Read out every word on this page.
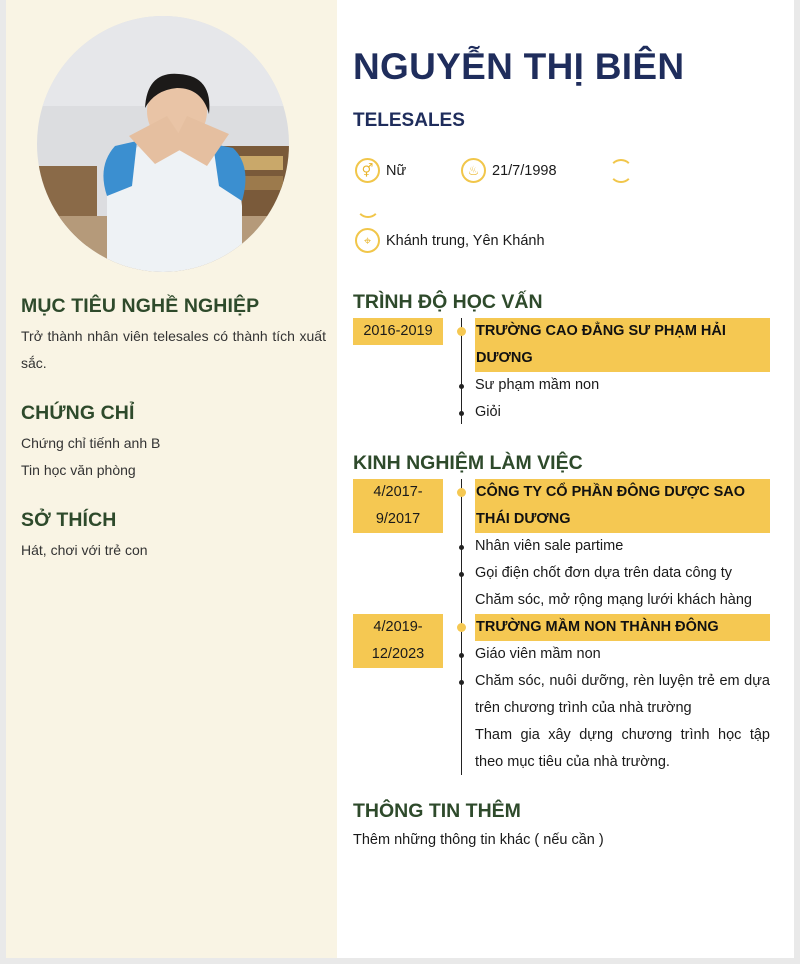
MỤC TIÊU NGHỀ NGHIỆP
Trở thành nhân viên telesales có thành tích xuất sắc.
CHỨNG CHỈ
Chứng chỉ tiếnh anh B
Tin học văn phòng
SỞ THÍCH
Hát, chơi với trẻ con
NGUYỄN THỊ BIÊN
TELESALES
⚥ Nữ	♨ 21/7/1998
⌖	Khánh trung, Yên Khánh
TRÌNH ĐỘ HỌC VẤN
2016-2019	TRƯỜNG CAO ĐẲNG SƯ PHẠM HẢI DƯƠNG
Sư phạm mầm non
Giỏi
KINH NGHIỆM LÀM VIỆC
4/2017-
9/2017
CÔNG TY CỔ PHẦN ĐÔNG DƯỢC SAO THÁI DƯƠNG
Nhân viên sale partime
Gọi điện chốt đơn dựa trên data công ty
Chăm sóc, mở rộng mạng lưới khách hàng
4/2019-
12/2023
TRƯỜNG MẦM NON THÀNH ĐÔNG
Giáo viên mầm non
Chăm sóc, nuôi dưỡng, rèn luyện trẻ em dựa trên chương trình của nhà trường
Tham gia xây dựng chương trình học tập theo mục tiêu của nhà trường.
THÔNG TIN THÊM
Thêm những thông tin khác ( nếu cần )
